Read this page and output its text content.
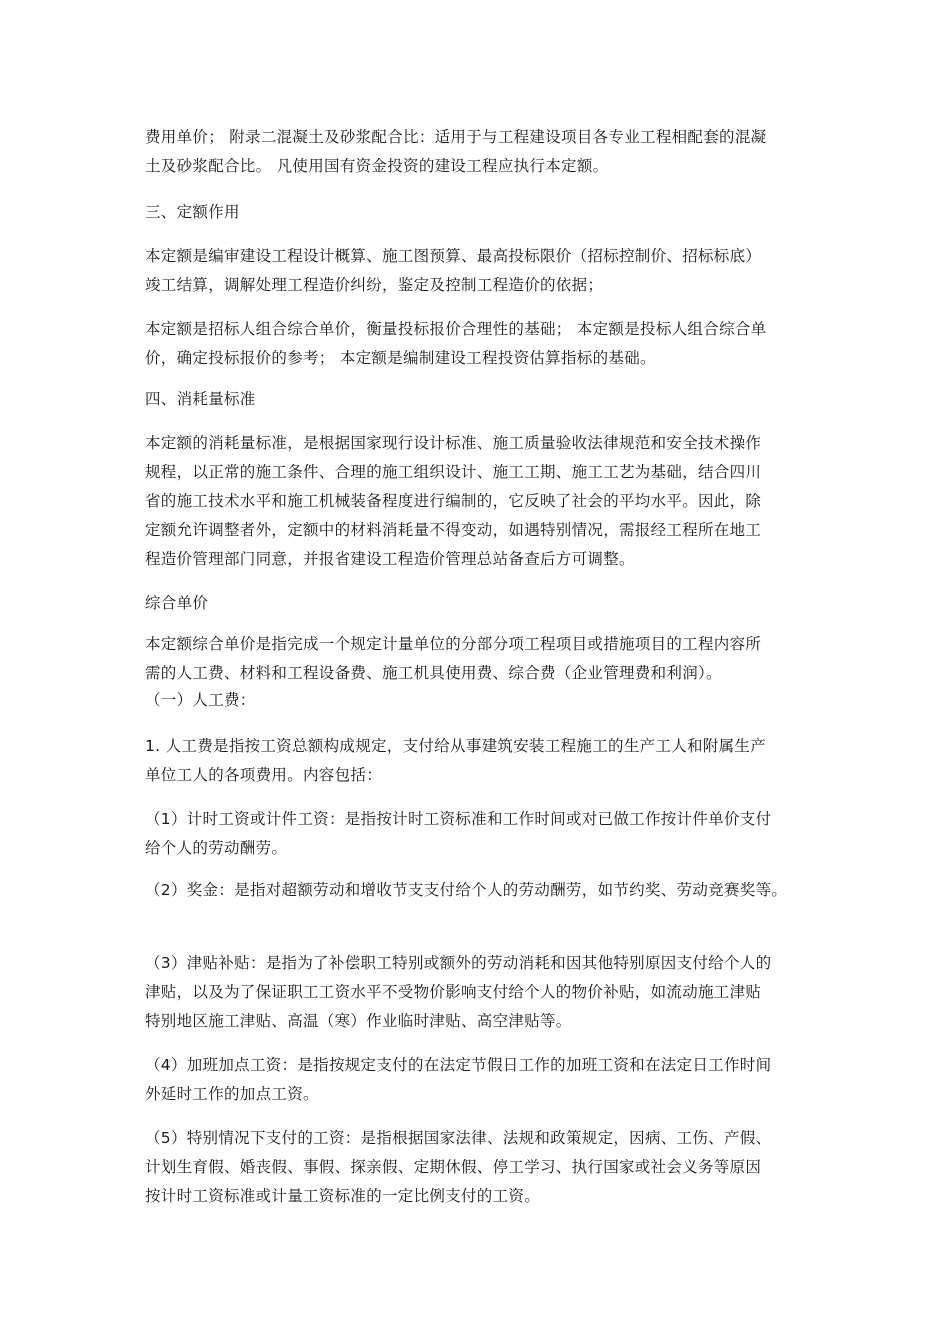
费用单价； 附录二混凝土及砂浆配合比：适用于与工程建设项目各专业工程相配套的混凝

土及砂浆配合比。 凡使用国有资金投资的建设工程应执行本定额。

三、定额作用

本定额是编审建设工程设计概算、施工图预算、最高投标限价（招标控制价、招标标底）

竣工结算，调解处理工程造价纠纷，鉴定及控制工程造价的依据；

本定额是招标人组合综合单价，衡量投标报价合理性的基础； 本定额是投标人组合综合单

价，确定投标报价的参考； 本定额是编制建设工程投资估算指标的基础。

四、消耗量标准

本定额的消耗量标准，是根据国家现行设计标准、施工质量验收法律规范和安全技术操作

规程，以正常的施工条件、合理的施工组织设计、施工工期、施工工艺为基础，结合四川

省的施工技术水平和施工机械装备程度进行编制的，它反映了社会的平均水平。因此，除

定额允许调整者外，定额中的材料消耗量不得变动，如遇特别情况，需报经工程所在地工

程造价管理部门同意，并报省建设工程造价管理总站备查后方可调整。

综合单价

本定额综合单价是指完成一个规定计量单位的分部分项工程项目或措施项目的工程内容所

需的人工费、材料和工程设备费、施工机具使用费、综合费（企业管理费和利润）。

（一）人工费：

1. 人工费是指按工资总额构成规定，支付给从事建筑安装工程施工的生产工人和附属生产

单位工人的各项费用。内容包括：

（1）计时工资或计件工资：是指按计时工资标准和工作时间或对已做工作按计件单价支付

给个人的劳动酬劳。

（2）奖金：是指对超额劳动和增收节支支付给个人的劳动酬劳，如节约奖、劳动竞赛奖等。

（3）津贴补贴：是指为了补偿职工特别或额外的劳动消耗和因其他特别原因支付给个人的

津贴，以及为了保证职工工资水平不受物价影响支付给个人的物价补贴，如流动施工津贴

特别地区施工津贴、高温（寒）作业临时津贴、高空津贴等。

（4）加班加点工资：是指按规定支付的在法定节假日工作的加班工资和在法定日工作时间

外延时工作的加点工资。

（5）特别情况下支付的工资：是指根据国家法律、法规和政策规定，因病、工伤、产假、

计划生育假、婚丧假、事假、探亲假、定期休假、停工学习、执行国家或社会义务等原因

按计时工资标准或计量工资标准的一定比例支付的工资。
